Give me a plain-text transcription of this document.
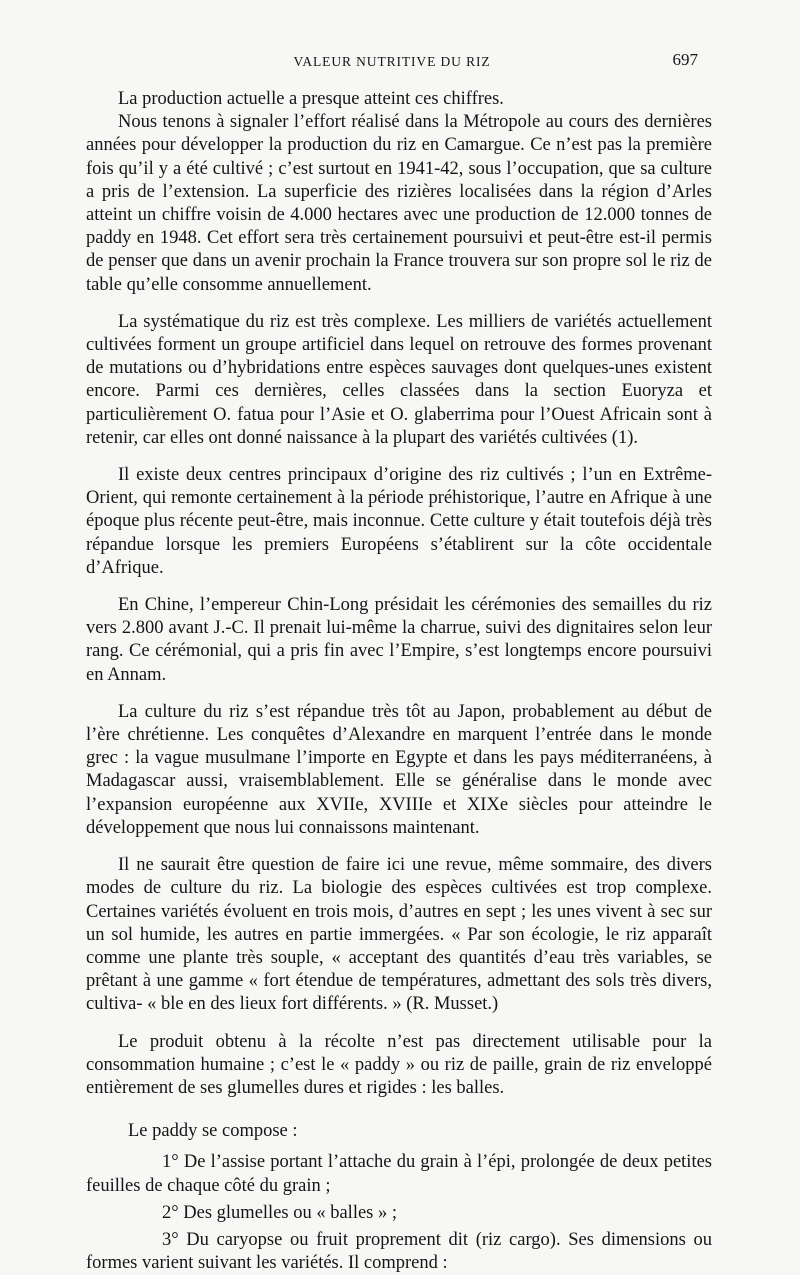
VALEUR NUTRITIVE DU RIZ	697

La production actuelle a presque atteint ces chiffres.

Nous tenons à signaler l’effort réalisé dans la Métropole au cours des dernières années pour développer la production du riz en Camargue. Ce n’est pas la première fois qu’il y a été cultivé ; c’est surtout en 1941-42, sous l’occupation, que sa culture a pris de l’extension. La superficie des rizières localisées dans la région d’Arles atteint un chiffre voisin de 4.000 hectares avec une production de 12.000 tonnes de paddy en 1948. Cet effort sera très certainement poursuivi et peut-être est-il permis de penser que dans un avenir prochain la France trouvera sur son propre sol le riz de table qu’elle consomme annuellement.

La systématique du riz est très complexe. Les milliers de variétés actuellement cultivées forment un groupe artificiel dans lequel on retrouve des formes provenant de mutations ou d’hybridations entre espèces sauvages dont quelques-unes existent encore. Parmi ces dernières, celles classées dans la section Euoryza et particulièrement O. fatua pour l’Asie et O. glaberrima pour l’Ouest Africain sont à retenir, car elles ont donné naissance à la plupart des variétés cultivées (1).

Il existe deux centres principaux d’origine des riz cultivés ; l’un en Extrême-Orient, qui remonte certainement à la période préhistorique, l’autre en Afrique à une époque plus récente peut-être, mais inconnue. Cette culture y était toutefois déjà très répandue lorsque les premiers Européens s’établirent sur la côte occidentale d’Afrique.

En Chine, l’empereur Chin-Long présidait les cérémonies des semailles du riz vers 2.800 avant J.-C. Il prenait lui-même la charrue, suivi des dignitaires selon leur rang. Ce cérémonial, qui a pris fin avec l’Empire, s’est longtemps encore poursuivi en Annam.

La culture du riz s’est répandue très tôt au Japon, probablement au début de l’ère chrétienne. Les conquêtes d’Alexandre en marquent l’entrée dans le monde grec : la vague musulmane l’importe en Egypte et dans les pays méditerranéens, à Madagascar aussi, vraisemblablement. Elle se généralise dans le monde avec l’expansion européenne aux XVIIe, XVIIIe et XIXe siècles pour atteindre le développement que nous lui connaissons maintenant.

Il ne saurait être question de faire ici une revue, même sommaire, des divers modes de culture du riz. La biologie des espèces cultivées est trop complexe. Certaines variétés évoluent en trois mois, d’autres en sept ; les unes vivent à sec sur un sol humide, les autres en partie immergées. « Par son écologie, le riz apparaît comme une plante très souple, « acceptant des quantités d’eau très variables, se prêtant à une gamme « fort étendue de températures, admettant des sols très divers, cultiva- « ble en des lieux fort différents. » (R. Musset.)

Le produit obtenu à la récolte n’est pas directement utilisable pour la consommation humaine ; c’est le « paddy » ou riz de paille, grain de riz enveloppé entièrement de ses glumelles dures et rigides : les balles.

Le paddy se compose :

1° De l’assise portant l’attache du grain à l’épi, prolongée de deux petites feuilles de chaque côté du grain ;

2° Des glumelles ou « balles » ;

3° Du caryopse ou fruit proprement dit (riz cargo). Ses dimensions ou formes varient suivant les variétés. Il comprend :
